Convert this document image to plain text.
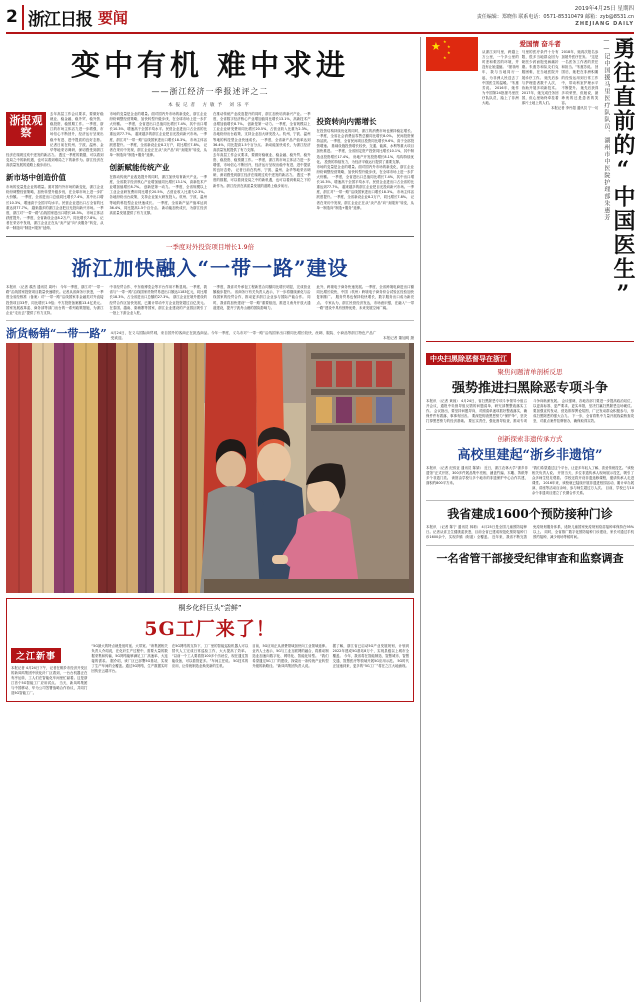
2 浙江日报 要闻	2019年4月25日 星期四
责任编辑：郑晓伟 联系电话：0571-85310479 邮箱：zyb@8531.cn
ZHEJIANG DAILY
变中有机 难中求进
——浙江经济一季报述评之二
本报记者 方敏予 刘乐平
浙报观察
去年高层工作会议要求，要做好稳就业、稳金融、稳外贸、稳外资、稳投资、稳预期工作。一季度，浙江的市场主体活力进一步增强，市场信心不断回升，经济运行呈现出稳中有进、进中提质的良好态势。 记者日前在杭州、宁波、温州、金华等地采访调研，深切感受到浙江经济在爬坡过坎中迸发的新活力。 透过一季度的数据，可以看到变局之中的新机遇，也可以看到难局之下的新作为。浙江经济在高质量发展的道路上稳步前行。
新市场中创造价值
市场的变量是企业的增量。面对国内外市场的新变化，浙江企业纷纷调整经营策略，加快转型升级步伐，在全球市场上进一步扩大份额。 一季度，全省进出口总值同比增长7.4%，其中出口增长10.3%，增速高于全国平均水平。民营企业进出口占全省的比重达到77.7%。 越来越多的浙江企业把目光投向新兴市场。一季度，浙江对“一带一路”沿线国家进出口增长18.3%。 市场主体活跃度提升。一季度，全省新设企业8.2万户，同比增长7.8%。 记者在采访中发现，浙江企业正在从“卖产品”向“卖服务”转变，从单一制造向“制造+服务”延伸。
市场的变量是企业的增量。面对国内外市场的新变化，浙江企业纷纷调整经营策略，加快转型升级步伐，在全球市场上进一步扩大份额。 一季度，全省进出口总值同比增长7.4%，其中出口增长10.3%，增速高于全国平均水平。民营企业进出口占全省的比重达到77.7%。 越来越多的浙江企业把目光投向新兴市场。一季度，浙江对“一带一路”沿线国家进出口增长18.3%。 市场主体活跃度提升。一季度，全省新设企业8.2万户，同比增长7.8%。 记者在采访中发现，浙江企业正在从“卖产品”向“卖服务”转变，从单一制造向“制造+服务”延伸。
创新赋能传统产业
在推动传统产业改造提升的同时，浙江加快培育新兴产业。一季度，全省数字经济核心产业增加值同比增长13.1%，高新技术产业增加值增长8.7%。 创新是第一动力。一季度，全省规模以上工业企业研发费用同比增长20.5%，占营业收入比重为2.3%。 各地纷纷出台政策，支持企业加大研发投入。杭州、宁波、温州等地的科技型企业快速成长。 一季度，全省新产品产值率达到36.4%，同比提高1.5个百分点。 新动能加快成长，为浙江经济高质量发展提供了有力支撑。
在推动传统产业改造提升的同时，浙江加快培育新兴产业。一季度，全省数字经济核心产业增加值同比增长13.1%，高新技术产业增加值增长8.7%。 创新是第一动力。一季度，全省规模以上工业企业研发费用同比增长20.5%，占营业收入比重为2.3%。 各地纷纷出台政策，支持企业加大研发投入。杭州、宁波、温州等地的科技型企业快速成长。 一季度，全省新产品产值率达到36.4%，同比提高1.5个百分点。 新动能加快成长，为浙江经济高质量发展提供了有力支撑。
去年高层工作会议要求，要做好稳就业、稳金融、稳外贸、稳外资、稳投资、稳预期工作。一季度，浙江的市场主体活力进一步增强，市场信心不断回升，经济运行呈现出稳中有进、进中提质的良好态势。 记者日前在杭州、宁波、温州、金华等地采访调研，深切感受到浙江经济在爬坡过坎中迸发的新活力。 透过一季度的数据，可以看到变局之中的新机遇，也可以看到难局之下的新作为。浙江经济在高质量发展的道路上稳步前行。
投资转向内需增长
在投资结构持续优化的同时，浙江的消费市场也保持稳定增长。一季度，全省社会消费品零售总额同比增长8.0%。 民间投资保持活跃。一季度，全省民间项目投资同比增长9.6%，高于全部投资增速。 基础设施投资增长较快，交通、能源、水利等重大项目加快推进。 一季度，全省固定资产投资同比增长10.1%，其中制造业投资增长17.4%。 房地产开发投资增长8.1%，结构持续优化。 投资的持续发力，为经济平稳运行提供了重要支撑。
市场的变量是企业的增量。面对国内外市场的新变化，浙江企业纷纷调整经营策略，加快转型升级步伐，在全球市场上进一步扩大份额。 一季度，全省进出口总值同比增长7.4%，其中出口增长10.3%，增速高于全国平均水平。民营企业进出口占全省的比重达到77.7%。 越来越多的浙江企业把目光投向新兴市场。一季度，浙江对“一带一路”沿线国家进出口增长18.3%。 市场主体活跃度提升。一季度，全省新设企业8.2万户，同比增长7.8%。 记者在采访中发现，浙江企业正在从“卖产品”向“卖服务”转变，从单一制造向“制造+服务”延伸。
一季度对外投资项目增长1.9倍
浙江加快融入“一带一路”建设
本报讯 （记者 翁杰 通讯员 周玲） 今年一季度，浙江对“一带一路”沿线国家投资项目数量快速增长。记者从省商务厅获悉，一季度全省经核准（备案）对“一带一路”沿线国家非金融类对外直接投资项目33件，同比增长1.9倍；中方投资备案额13.4亿美元。 国家发展改革委、商务部等部门出台的一系列政策措施，为浙江企业“走出去”提供了有力支持。
中非经贸合作、中东欧博览会等平台作用不断显现。一季度，我省与“一带一路”沿线国家货物贸易进出口额达1183亿元，同比增长18.3%，占全省进出口总额的27.3%。 浙江企业在境外建设的经贸合作区加快发展，已累计带动中方企业投资超过百亿美元。 在泰国、越南、柬埔寨等国家，浙江企业建设的产业园区吸引了一批上下游企业入驻。
一季度，我省对外承包工程新签合同额同比增长明显，完成营业额稳步提升。 省商务厅有关负责人表示，下一步将继续深化与沿线国家的经贸合作，推动更多浙江企业参与国际产能合作。 同时，我省将加快建设“一带一路”重要枢纽，推进义甬舟开放大通道建设，提升宁波舟山港的国际影响力。
此外，跨境电子商务快速发展。一季度，全省跨境电商进出口额同比增长较快，中国（杭州）跨境电子商务综合试验区经验加快复制推广。 服务贸易也保持较快增长，数字服务出口成为新亮点。 专家认为，浙江民营经济发达，市场意识强，在融入“一带一路”建设中具有独特优势，未来发展空间广阔。
浙货畅销“一带一路” 4月24日，在义乌国际商贸城，来自国外的客商正在挑选商品。今年一季度，义乌市对“一带一路”沿线国家出口额同比增长较快，丝绸、服装、小商品等浙江特色产品广受欢迎。	本报记者 董旭明 摄
桐乡化纤巨头“尝鲜”
5G工厂来了！
之江新事
本报记者 4月24日下午，记者在桐乡市经济开发区的新凤鸣集团中欣化纤厂区看到，一台台机器正在有序运转，工人们在智能化车间里忙碌着。这是浙江首个5G智能工厂应用试点。 当天，新凤鸣集团与中国移动、华为公司签署战略合作协议，共同打造5G智能工厂。
“5G最大的特点就是低时延、大带宽。”该集团相关负责人介绍说，在化纤生产过程中，需要大量的数据采集和传输，5G网络能够满足工厂高速率、大连接的需求。 据介绍，该厂区已部署5G基站，实现了生产车间的全覆盖。通过5G网络，生产数据实时回传至云端平台。
在5G网络的支持下，工厂里的智能巡检机器人可以替代人工完成日常巡检工作，大大提高了效率。 “以前一个工人要看管100多个纺丝位，现在通过智能设备，可以看管更多。”车间主任说。 5G技术的应用，让传统制造业焕发新的生机。
目前，5G应用正从消费领域加快向工业领域延伸。业内人士表示，5G与工业互联网的融合，将推动制造业加速向数字化、网络化、智能化转型。 “我们希望通过5G工厂的建设，探索出一条传统产业转型升级的新路径。”新凤鸣集团负责人说。
据了解，浙江省已启动5G产业发展规划，计划到2022年建成5G基站8万个，实现县级以上城市全覆盖。 今年，我省将在智能制造、智慧城市、智慧交通、智慧医疗等领域开展5G应用示范。 5G时代正加速到来，更多的“5G工厂”将在之江大地涌现。
★ ★
★
★
★
爱国情 奋斗者
从浙江到马里，跨越上万公里，一个多公里的时差和艰苦的环境，并没有让她退缩。 “援非两年，我与当地同行一起，为非洲人民送去了中国医生的温暖。”朱惠芳说。 2016年，她作为中国第24批援马里医疗队队员，踏上了非洲大地。
马里的医疗条件十分有限，很多当地群众因为缺医少药而饱受病痛折磨。朱惠芳和队友们克服困难，在当地医院开展诊疗工作。 她先后参与护理患者数千人次，协助开展多项新技术。 2017年，她完成任务回国，但心里始终牵挂着那片土地上的人们。
2018年，她再次报名参加援外医疗任务。 “这是一名医务工作者的责任和担当。”朱惠芳说。 回国后，她把在非洲积累的经验运用到日常工作中，带动科室护理水平不断提升。 她先后获得多项荣誉，但她说，最珍贵的还是患者的笑容。
本报记者 李丹超 通讯员 宁一坊 ——记中国援马里医疗队队员、湖州市中医院护理部朱惠芳 勇往直前的“中国医生”
中央扫黑除恶督导在浙江
聚焦问题清单剖析反思
强势推进扫黑除恶专项斗争
本报讯 （记者 黄琼） 4月24日，省扫黑除恶专项斗争领导小组召开会议，通报中央督导组反馈的问题清单，研究部署整改落实工作。 会议指出，要坚持问题导向，对照清单逐项抓好整改落实，确保件件有着落、事事有回音。 要深挖彻查黑恶势力“保护伞”，坚决打掉黑恶势力的经济基础。 要压实责任，强化督导检查，推动专项斗争向纵深发展。 会议强调，各地各部门要进一步提高政治站位，以更高标准、更严要求、更实举措，坚决打赢扫黑除恶这场硬仗。 要加强宣传发动，营造浓厚舆论氛围，广泛发动群众积极参与，形成扫黑除恶的强大合力。 下一步，全省将集中力量开展线索核查攻坚，对重点案件挂牌督办，确保取得实效。
创新探索非遗传承方式
高校里建起“浙乡非遗馆”
本报讯 （记者 纪驭亚 通讯员 陈婧） 近日，浙江农林大学“浙乡非遗馆”正式开馆，300多件展品集中亮相，涵盖竹编、木雕、剪纸等多个非遗门类。 该馆由学校与多个地市的非遗保护中心合作共建，面积约800平方米。
“我们希望通过这个平台，让更多年轻人了解、喜爱传统技艺。”该校相关负责人说。 开馆当天，多位非遗传承人现场展示技艺，吸引了众多师生驻足观看。 学校还将开设非遗选修课程，邀请传承人走进课堂。 2016年来，该校就已陆续开展非遗进校园活动，累计举办展演、讲座等活动百余场，参与师生超过万人次。 目前，学校已与10余个非遗项目建立了长期合作关系。
我省建成1600个预防接种门诊
本报讯 （记者 陈宁 通讯员 林莉） 4月25日是全国儿童预防接种日。记者从省卫生健康委获悉，目前全省已建成规范化预防接种门诊1600余个，实现乡镇（街道）全覆盖。 近年来，我省不断完善免疫规划服务体系，适龄儿童国家免疫规划疫苗接种率保持在95%以上。 同时，全省推广数字化预防接种门诊建设，家长可通过手机预约接种，减少现场等候时间。
一名省管干部接受纪律审查和监察调查
